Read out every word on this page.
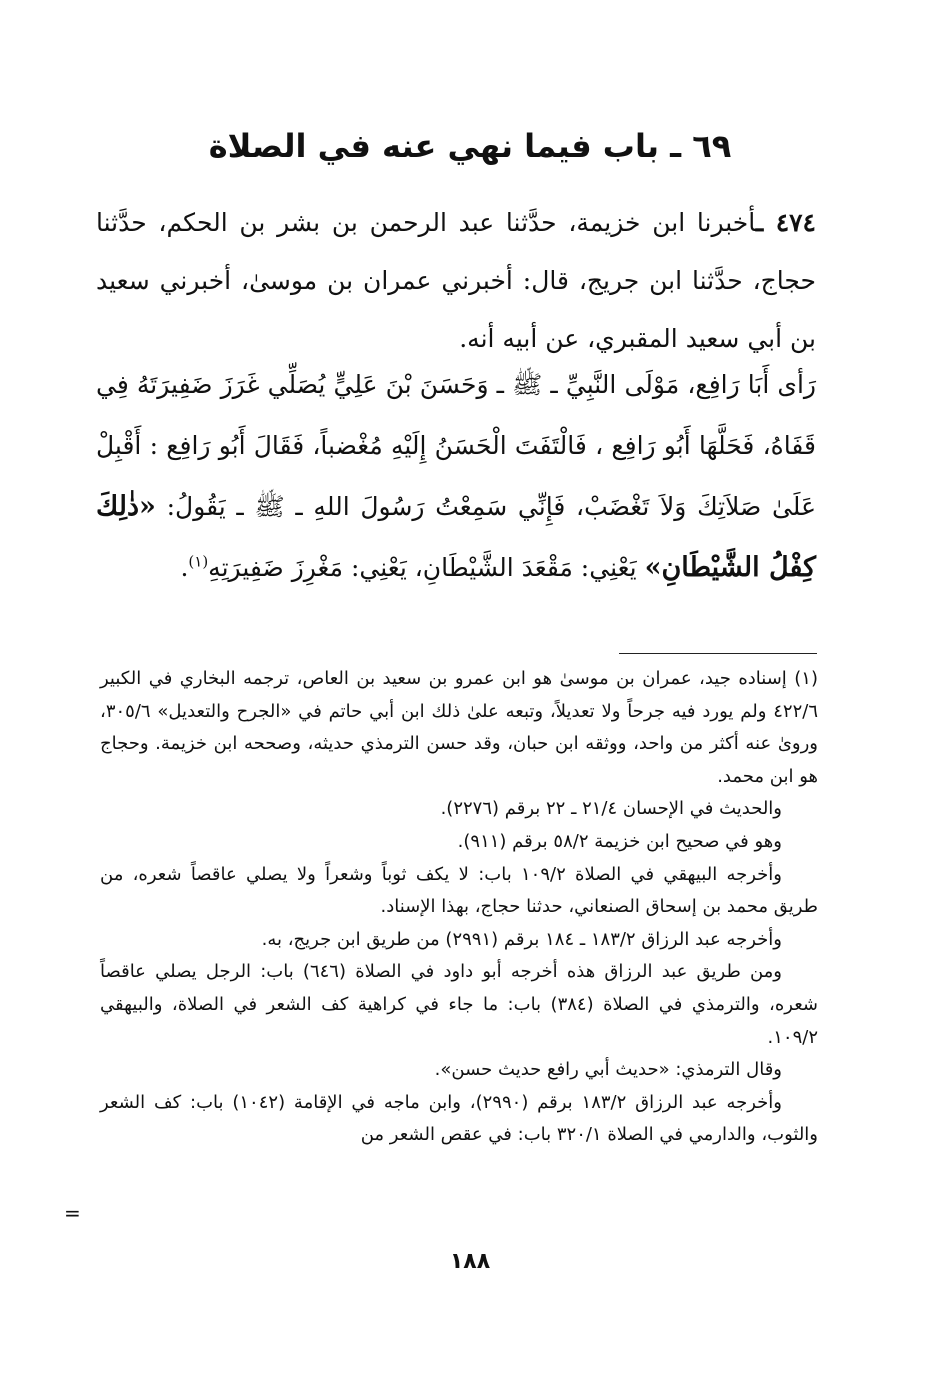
٦٩ ـ باب فيما نهي عنه في الصلاة

٤٧٤ ـأخبرنا ابن خزيمة، حدَّثنا عبد الرحمن بن بشر بن الحكم، حدَّثنا حجاج، حدَّثنا ابن جريج، قال: أخبرني عمران بن موسىٰ، أخبرني سعيد بن أبي سعيد المقبري، عن أبيه أنه.

رَأى أَبَا رَافِع، مَوْلَى النَّبِيِّ ـ ﷺ ـ وَحَسَنَ بْنَ عَلِيٍّ يُصَلِّي غَرَزَ ضَفِيرَتَهُ فِي قَفَاهُ، فَحَلَّهَا أَبُو رَافِع ، فَالْتَفَتَ الْحَسَنُ إِلَيْهِ مُغْضباً، فَقَالَ أَبُو رَافِع : أَقْبِلْ عَلَىٰ صَلاَتِكَ وَلاَ تَغْضَبْ، فَإِنِّي سَمِعْتُ رَسُولَ اللهِ ـ ﷺ ـ يَقُولُ: «ذٰلِكَ كِفْلُ الشَّيْطَانِ» يَعْنِي: مَقْعَدَ الشَّيْطَانِ، يَعْنِي: مَغْرِزَ ضَفِيرَتِهِ$^{(١)}$.

(١) إسناده جيد، عمران بن موسىٰ هو ابن عمرو بن سعيد بن العاص، ترجمه البخاري في الكبير ٤٢٢/٦ ولم يورد فيه جرحاً ولا تعديلاً، وتبعه علىٰ ذلك ابن أبي حاتم في «الجرح والتعديل» ٣٠٥/٦، وروىٰ عنه أكثر من واحد، ووثقه ابن حبان، وقد حسن الترمذي حديثه، وصححه ابن خزيمة. وحجاج هو ابن محمد.

والحديث في الإحسان ٢١/٤ ـ ٢٢ برقم (٢٢٧٦).

وهو في صحيح ابن خزيمة ٥٨/٢ برقم (٩١١).

وأخرجه البيهقي في الصلاة ١٠٩/٢ باب: لا يكف ثوباً وشعراً ولا يصلي عاقصاً شعره، من طريق محمد بن إسحاق الصنعاني، حدثنا حجاج، بهذا الإسناد.

وأخرجه عبد الرزاق ١٨٣/٢ ـ ١٨٤ برقم (٢٩٩١) من طريق ابن جريج، به.

ومن طريق عبد الرزاق هذه أخرجه أبو داود في الصلاة (٦٤٦) باب: الرجل يصلي عاقصاً شعره، والترمذي في الصلاة (٣٨٤) باب: ما جاء في كراهية كف الشعر في الصلاة، والبيهقي ١٠٩/٢.

وقال الترمذي: «حديث أبي رافع حديث حسن».

وأخرجه عبد الرزاق ١٨٣/٢ برقم (٢٩٩٠)، وابن ماجه في الإقامة (١٠٤٢) باب: كف الشعر والثوب، والدارمي في الصلاة ٣٢٠/١ باب: في عقص الشعر من

=
١٨٨
